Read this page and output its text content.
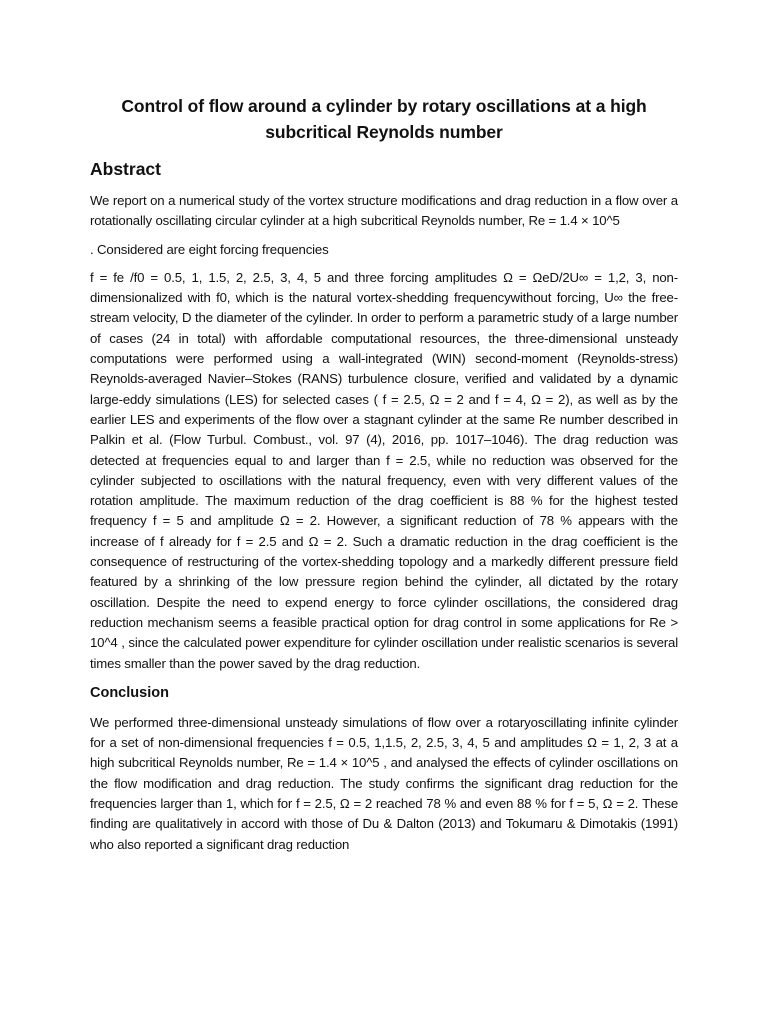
Control of flow around a cylinder by rotary oscillations at a high subcritical Reynolds number
Abstract

We report on a numerical study of the vortex structure modifications and drag reduction in a flow over a rotationally oscillating circular cylinder at a high subcritical Reynolds number, Re = 1.4 × 10^5

. Considered are eight forcing frequencies

f = fe /f0 = 0.5, 1, 1.5, 2, 2.5, 3, 4, 5 and three forcing amplitudes Ω = ΩeD/2U∞ = 1,2, 3, non-dimensionalized with f0, which is the natural vortex-shedding frequencywithout forcing, U∞ the free-stream velocity, D the diameter of the cylinder. In order to perform a parametric study of a large number of cases (24 in total) with affordable computational resources, the three-dimensional unsteady computations were performed using a wall-integrated (WIN) second-moment (Reynolds-stress) Reynolds-averaged Navier–Stokes (RANS) turbulence closure, verified and validated by a dynamic large-eddy simulations (LES) for selected cases ( f = 2.5, Ω = 2 and f = 4, Ω = 2), as well as by the earlier LES and experiments of the flow over a stagnant cylinder at the same Re number described in Palkin et al. (Flow Turbul. Combust., vol. 97 (4), 2016, pp. 1017–1046). The drag reduction was detected at frequencies equal to and larger than f = 2.5, while no reduction was observed for the cylinder subjected to oscillations with the natural frequency, even with very different values of the rotation amplitude. The maximum reduction of the drag coefficient is 88 % for the highest tested frequency f = 5 and amplitude Ω = 2. However, a significant reduction of 78 % appears with the increase of f already for f = 2.5 and Ω = 2. Such a dramatic reduction in the drag coefficient is the consequence of restructuring of the vortex-shedding topology and a markedly different pressure field featured by a shrinking of the low pressure region behind the cylinder, all dictated by the rotary oscillation. Despite the need to expend energy to force cylinder oscillations, the considered drag reduction mechanism seems a feasible practical option for drag control in some applications for Re > 10^4 , since the calculated power expenditure for cylinder oscillation under realistic scenarios is several times smaller than the power saved by the drag reduction.

Conclusion

We performed three-dimensional unsteady simulations of flow over a rotaryoscillating infinite cylinder for a set of non-dimensional frequencies f = 0.5, 1,1.5, 2, 2.5, 3, 4, 5 and amplitudes Ω = 1, 2, 3 at a high subcritical Reynolds number, Re = 1.4 × 10^5 , and analysed the effects of cylinder oscillations on the flow modification and drag reduction. The study confirms the significant drag reduction for the frequencies larger than 1, which for f = 2.5, Ω = 2 reached 78 % and even 88 % for f = 5, Ω = 2. These finding are qualitatively in accord with those of Du & Dalton (2013) and Tokumaru & Dimotakis (1991) who also reported a significant drag reduction
